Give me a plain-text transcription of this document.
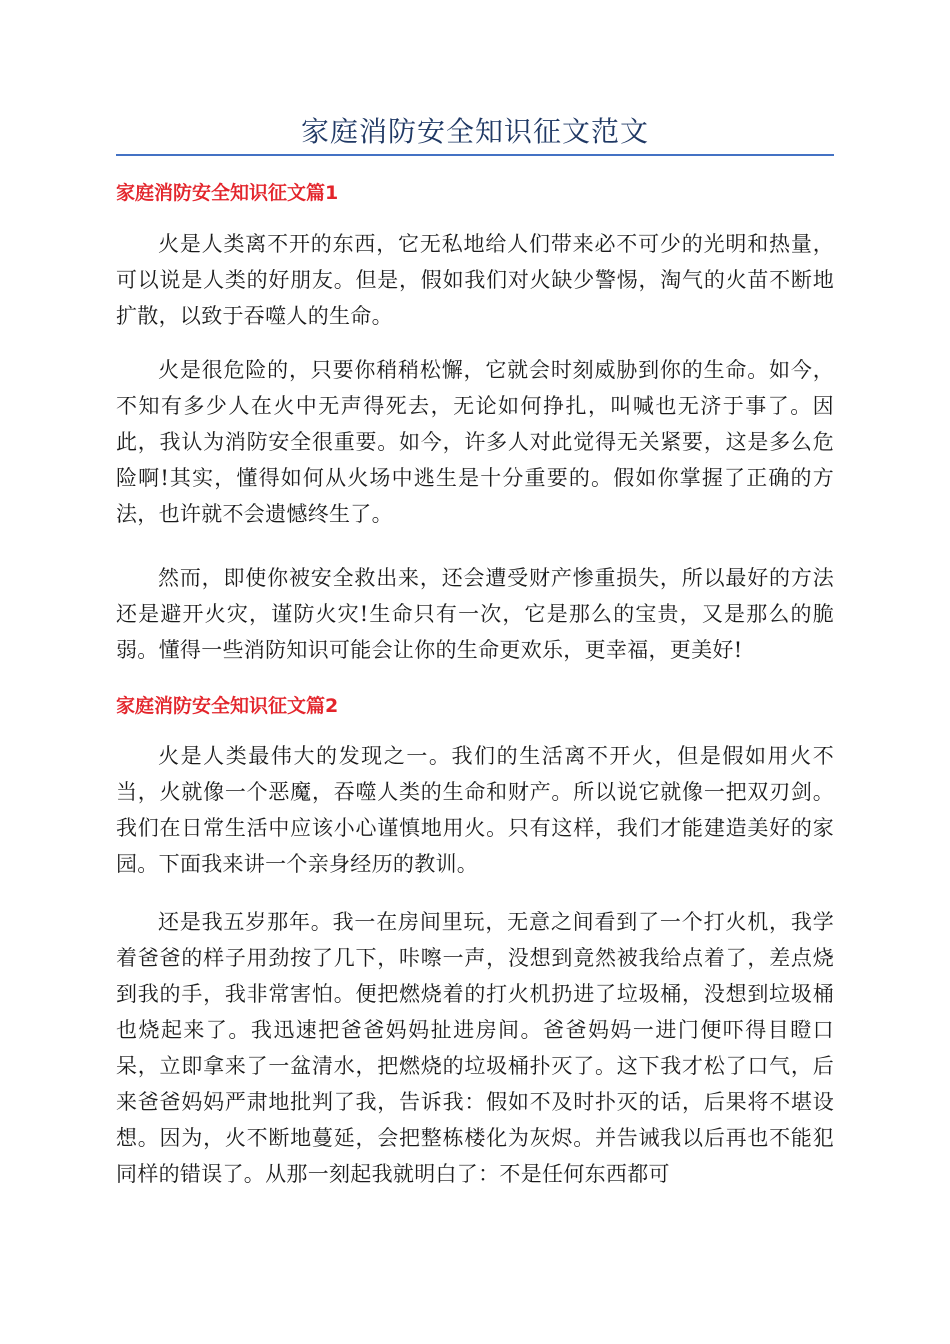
家庭消防安全知识征文范文
家庭消防安全知识征文篇1

火是人类离不开的东西，它无私地给人们带来必不可少的光明和热量，可以说是人类的好朋友。但是，假如我们对火缺少警惕，淘气的火苗不断地扩散，以致于吞噬人的生命。

火是很危险的，只要你稍稍松懈，它就会时刻威胁到你的生命。如今，不知有多少人在火中无声得死去，无论如何挣扎，叫喊也无济于事了。因此，我认为消防安全很重要。如今，许多人对此觉得无关紧要，这是多么危险啊!其实，懂得如何从火场中逃生是十分重要的。假如你掌握了正确的方法，也许就不会遗憾终生了。

然而，即使你被安全救出来，还会遭受财产惨重损失，所以最好的方法还是避开火灾，谨防火灾!生命只有一次，它是那么的宝贵，又是那么的脆弱。懂得一些消防知识可能会让你的生命更欢乐，更幸福，更美好!

家庭消防安全知识征文篇2

火是人类最伟大的发现之一。我们的生活离不开火，但是假如用火不当，火就像一个恶魔，吞噬人类的生命和财产。所以说它就像一把双刃剑。我们在日常生活中应该小心谨慎地用火。只有这样，我们才能建造美好的家园。下面我来讲一个亲身经历的教训。

还是我五岁那年。我一在房间里玩，无意之间看到了一个打火机，我学着爸爸的样子用劲按了几下，咔嚓一声，没想到竟然被我给点着了，差点烧到我的手，我非常害怕。便把燃烧着的打火机扔进了垃圾桶，没想到垃圾桶也烧起来了。我迅速把爸爸妈妈扯进房间。爸爸妈妈一进门便吓得目瞪口呆，立即拿来了一盆清水，把燃烧的垃圾桶扑灭了。这下我才松了口气，后来爸爸妈妈严肃地批判了我，告诉我：假如不及时扑灭的话，后果将不堪设想。因为，火不断地蔓延，会把整栋楼化为灰烬。并告诫我以后再也不能犯同样的错误了。从那一刻起我就明白了：不是任何东西都可
